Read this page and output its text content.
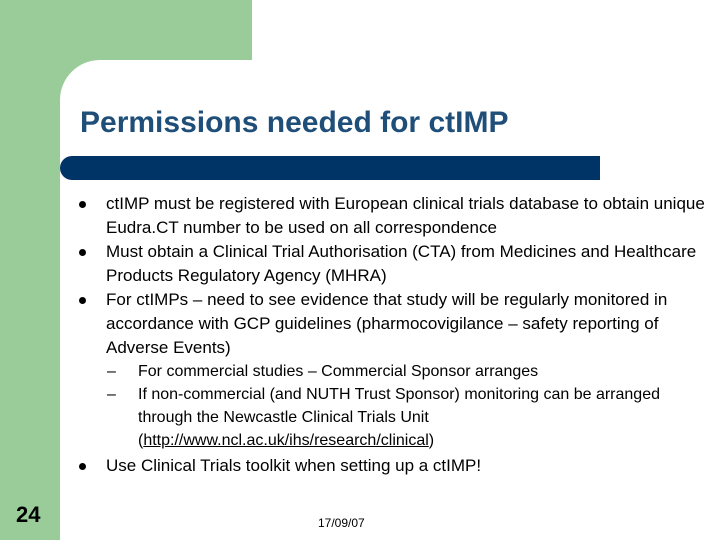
Permissions needed for ctIMP
ctIMP must be registered with European clinical trials database to obtain unique Eudra.CT number to be used on all correspondence
Must obtain a Clinical Trial Authorisation (CTA) from Medicines and Healthcare Products Regulatory Agency (MHRA)
For ctIMPs – need to see evidence that study will be regularly monitored in accordance with GCP guidelines (pharmocovigilance – safety reporting of Adverse Events)
– For commercial studies – Commercial Sponsor arranges
– If non-commercial (and NUTH Trust Sponsor) monitoring can be arranged through the Newcastle Clinical Trials Unit (http://www.ncl.ac.uk/ihs/research/clinical)
Use Clinical Trials toolkit when setting up a ctIMP!
24	17/09/07
